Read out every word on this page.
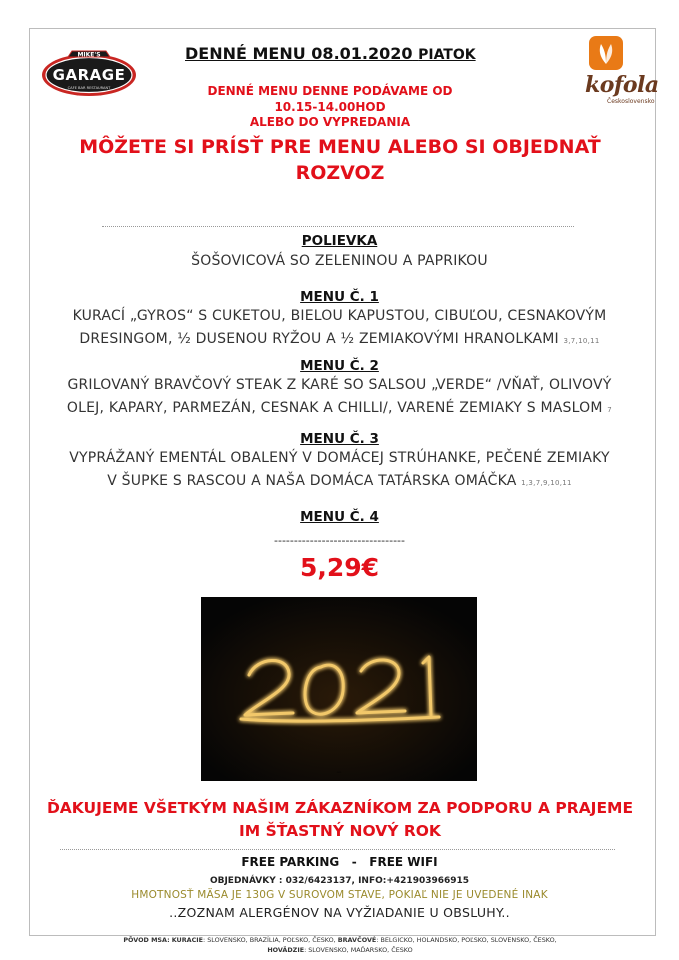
MIKE'S
GARAGE
CAFE BAR RESTAURANT
DENNÉ MENU 08.01.2020 PIATOK
kofola
Československo
DENNÉ MENU DENNE PODÁVAME OD
10.15-14.00HOD
ALEBO DO VYPREDANIA
MÔŽETE SI PRÍSŤ PRE MENU ALEBO SI OBJEDNAŤ
ROZVOZ
POLIEVKA
ŠOŠOVICOVÁ SO ZELENINOU A PAPRIKOU
MENU Č. 1
KURACÍ „GYROS“ S CUKETOU, BIELOU KAPUSTOU, CIBUĽOU, CESNAKOVÝM
DRESINGOM, ½ DUSENOU RYŽOU A ½ ZEMIAKOVÝMI HRANOLKAMI 3,7,10,11
MENU Č. 2
GRILOVANÝ BRAVČOVÝ STEAK Z KARÉ SO SALSOU „VERDE“ /VŇAŤ, OLIVOVÝ
OLEJ, KAPARY, PARMEZÁN, CESNAK A CHILLI/, VARENÉ ZEMIAKY S MASLOM 7
MENU Č. 3
VYPRÁŽANÝ EMENTÁL OBALENÝ V DOMÁCEJ STRÚHANKE, PEČENÉ ZEMIAKY
V ŠUPKE S RASCOU A NAŠA DOMÁCA TATÁRSKA OMÁČKA 1,3,7,9,10,11
MENU Č. 4
---------------------------------
5,29€
2021
ĎAKUJEME VŠETKÝM NAŠIM ZÁKAZNÍKOM ZA PODPORU A PRAJEME
IM ŠŤASTNÝ NOVÝ ROK
FREE PARKING   -   FREE WIFI
OBJEDNÁVKY : 032/6423137, INFO:+421903966915
HMOTNOSŤ MÄSA JE 130G V SUROVOM STAVE, POKIAĽ NIE JE UVEDENÉ INAK
..ZOZNAM ALERGÉNOV NA VYŽIADANIE U OBSLUHY..
PÔVOD MSA: KURACIE: SLOVENSKO, BRAZÍLIA, POĽSKO, ČESKO, BRAVČOVÉ: BELGICKO, HOLANDSKO, POĽSKO, SLOVENSKO, ČESKO,
HOVÄDZIE: SLOVENSKO, MAĎARSKO, ČESKO
